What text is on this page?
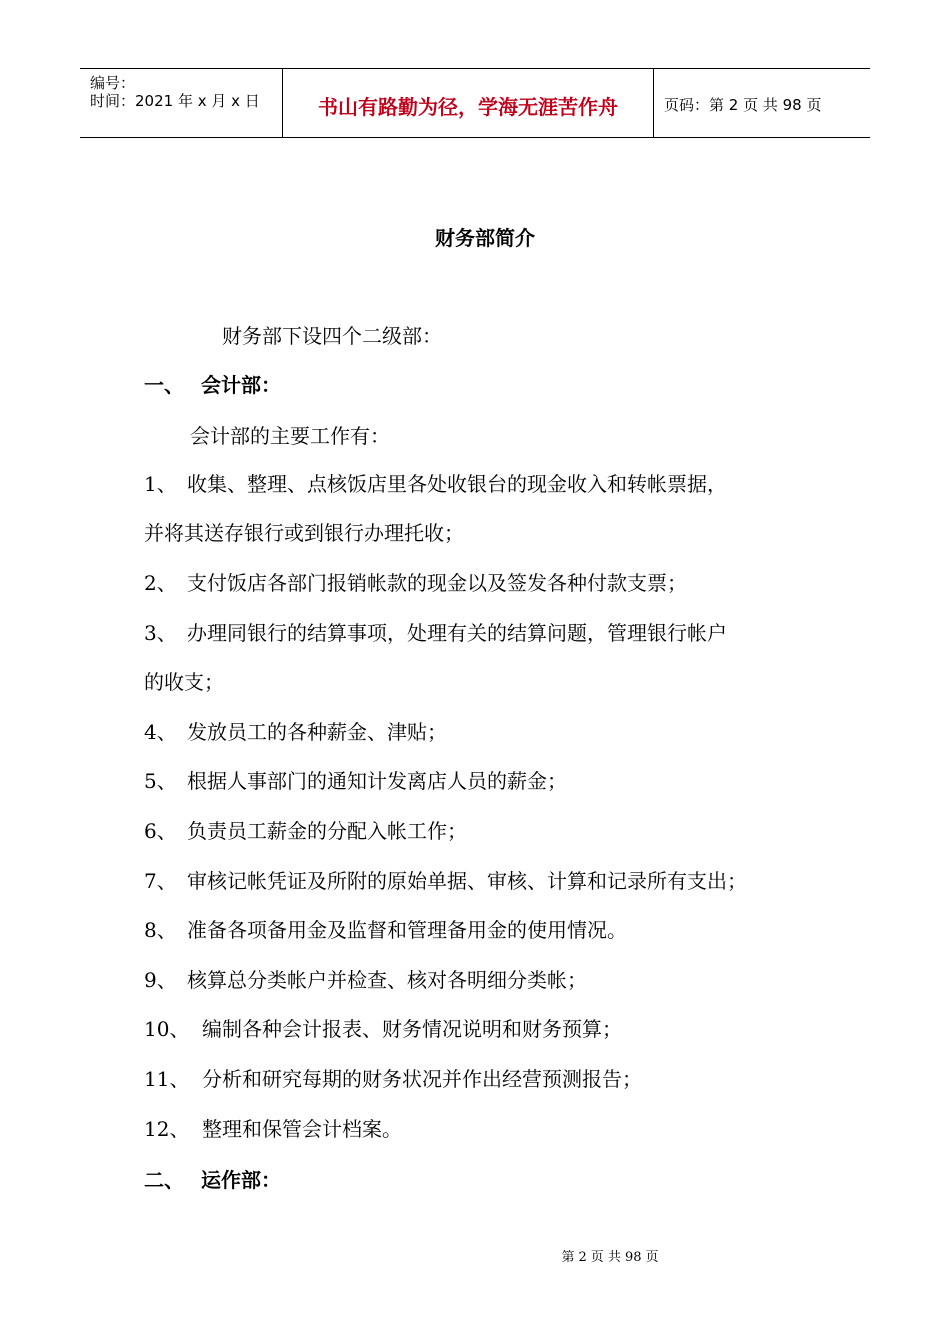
编号：
时间：2021 年 x 月 x 日	书山有路勤为径，学海无涯苦作舟	页码：第 2 页 共 98 页
财务部简介
财务部下设四个二级部：
一、 会计部：
会计部的主要工作有：
1、 收集、整理、点核饭店里各处收银台的现金收入和转帐票据，
并将其送存银行或到银行办理托收；
2、 支付饭店各部门报销帐款的现金以及签发各种付款支票；
3、 办理同银行的结算事项，处理有关的结算问题，管理银行帐户
的收支；
4、 发放员工的各种薪金、津贴；
5、 根据人事部门的通知计发离店人员的薪金；
6、 负责员工薪金的分配入帐工作；
7、 审核记帐凭证及所附的原始单据、审核、计算和记录所有支出；
8、 准备各项备用金及监督和管理备用金的使用情况。
9、 核算总分类帐户并检查、核对各明细分类帐；
10、 编制各种会计报表、财务情况说明和财务预算；
11、 分析和研究每期的财务状况并作出经营预测报告；
12、 整理和保管会计档案。
二、 运作部：
第 2 页 共 98 页
